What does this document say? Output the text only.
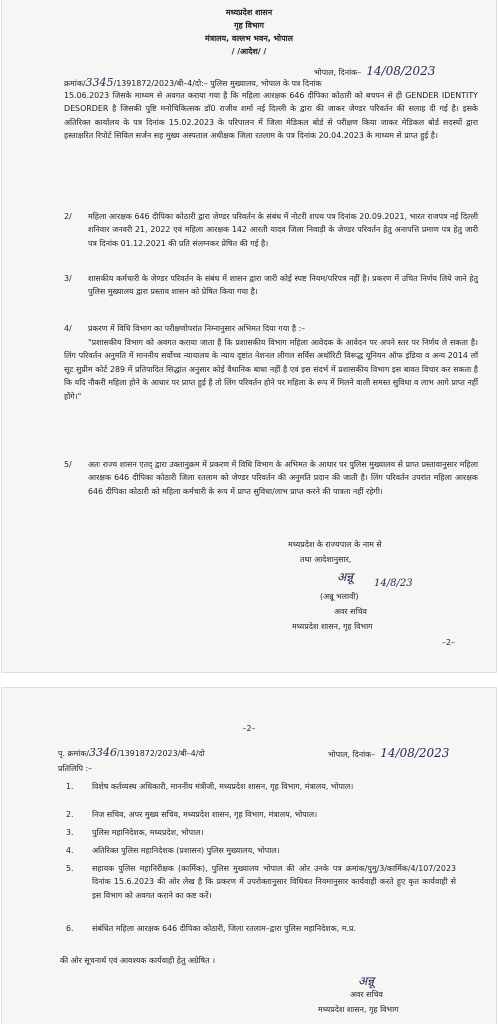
मध्यप्रदेश शासन
गृह विभाग
मंत्रालय, वल्लभ भवन, भोपाल
/ /आदेश/ /
भोपाल, दिनांक– 14/08/2023
क्रमांक/3345/1391872/2023/बी–4/दो:– पुलिस मुख्यालय, भोपाल के पत्र दिनांक
15.06.2023 जिसके माध्यम से अवगत कराया गया है कि महिला आरक्षक 646 दीपिका कोठारी को बचपन से ही GENDER IDENTITY DESORDER है जिसकी पुष्टि मनोचिकित्सक डॉ0 राजीव शर्मा नई दिल्ली के द्वारा की जाकर जेण्डर परिवर्तन की सलाह दी गई है। इसके अतिरिक्त कार्यालय के पत्र दिनांक 15.02.2023 के परिपालन में जिला मेडिकल बोर्ड से परीक्षण किया जाकर मेडिकल बोर्ड सदस्यों द्वारा हस्ताक्षरित रिपोर्ट सिविल सर्जन सह मुख्य अस्पताल अधीक्षक जिला रतलाम के पत्र दिनांक 20.04.2023 के माध्यम से प्राप्त हुई है।
2/ महिला आरक्षक 646 दीपिका कोठारी द्वारा जेण्डर परिवर्तन के संबंध में नोटरी शपथ पत्र दिनांक 20.09.2021, भारत राजपत्र नई दिल्ली शनिवार जनवरी 21, 2022 एवं महिला आरक्षक 142 आरती यादव जिला निवाड़ी के जेण्डर परिवर्तन हेतु अनापत्ति प्रमाण पत्र हेतु जारी पत्र दिनांक 01.12.2021 की प्रति संलग्नकर प्रेषित की गई है।
3/ शासकीय कर्मचारी के जेण्डर परिवर्तन के संबंध में शासन द्वारा जारी कोई स्पष्ट नियम/परिपत्र नहीं है। प्रकरण में उचित निर्णय लिये जाने हेतु पुलिस मुख्यालय द्वारा प्रस्ताव शासन को प्रेषित किया गया है।
4/ प्रकरण में विधि विभाग का परीक्षणोपरांत निम्नानुसार अभिमत दिया गया है :–
"प्रशासकीय विभाग को अवगत कराया जाता है कि प्रशासकीय विभाग महिला आवेदक के आवेदन पर अपने स्तर पर निर्णय ले सकता है। लिंग परिवर्तन अनुमति में माननीय सर्वोच्च न्यायालय के न्याय दृष्टांत नेशनल लीगल सर्विस अथॉरिटी विरूद्ध यूनियन ऑफ इंडिया व अन्य 2014 लॉ सूट सुप्रीम कोर्ट 289 में प्रतिपादित सिद्धांत अनुसार कोई वैधानिक बाधा नहीं है एवं इस संदर्भ में प्रशासकीय विभाग इस बावत विचार कर सकता है कि यदि नौकरी महिला होने के आधार पर प्राप्त हुई है तो लिंग परिवर्तन होने पर महिला के रूप में मिलने वाली समस्त सुविधा व लाभ आगे प्राप्त नहीं होंगे।"
5/ अतः राज्य शासन एतद् द्वारा उक्तानुक्रम में प्रकरण में विधि विभाग के अभिमत के आधार पर पुलिस मुख्यालय से प्राप्त प्रस्तावानुसार महिला आरक्षक 646 दीपिका कोठारी जिला रतलाम को जेण्डर परिवर्तन की अनुमति प्रदान की जाती है। लिंग परिवर्तन उपरांत महिला आरक्षक 646 दीपिका कोठारी को महिला कर्मचारी के रूप में प्राप्त सुविधा/लाभ प्राप्त करने की पात्रता नहीं रहेगी।
मध्यप्रदेश के राज्यपाल के नाम से
तथा आदेशानुसार,
अन्नू 14/8/23
(अन्नू भलावी)
अवर सचिव
मध्यप्रदेश शासन, गृह विभाग
–2–
–2–
पृ. क्रमांक/3346/1391872/2023/बी–4/दो	भोपाल, दिनांक– 14/08/2023
प्रतिलिपि :–
1. विशेष कर्तव्यस्थ अधिकारी, माननीय मंत्रीजी, मध्यप्रदेश शासन, गृह विभाग, मंत्रालय, भोपाल।
2. निज सचिव, अपर मुख्य सचिव, मध्यप्रदेश शासन, गृह विभाग, मंत्रालय, भोपाल।
3. पुलिस महानिदेशक, मध्यप्रदेश, भोपाल।
4. अतिरिक्त पुलिस महानिदेशक (प्रशासन) पुलिस मुख्यालय, भोपाल।
5. सहायक पुलिस महानिरीक्षक (कार्मिक), पुलिस मुख्यालय भोपाल की ओर उनके पत्र क्रमांक/पुमु/3/कार्मिक/4/107/2023 दिनांक 15.6.2023 की ओर लेख है कि प्रकरण में उपरोक्तानुसार विधिवत नियमानुसार कार्यवाही करते हुए कृत कार्यवाही से इस विभाग को अवगत कराने का कष्ट करें।
6. संबंधित महिला आरक्षक 646 दीपिका कोठारी, जिला रतलाम–द्वारा पुलिस महानिदेशक, म.प्र.
की ओर सूचनार्थ एवं आवश्यक कार्यवाही हेतु अग्रेषित ।
अन्नू
अवर सचिव
मध्यप्रदेश शासन, गृह विभाग
